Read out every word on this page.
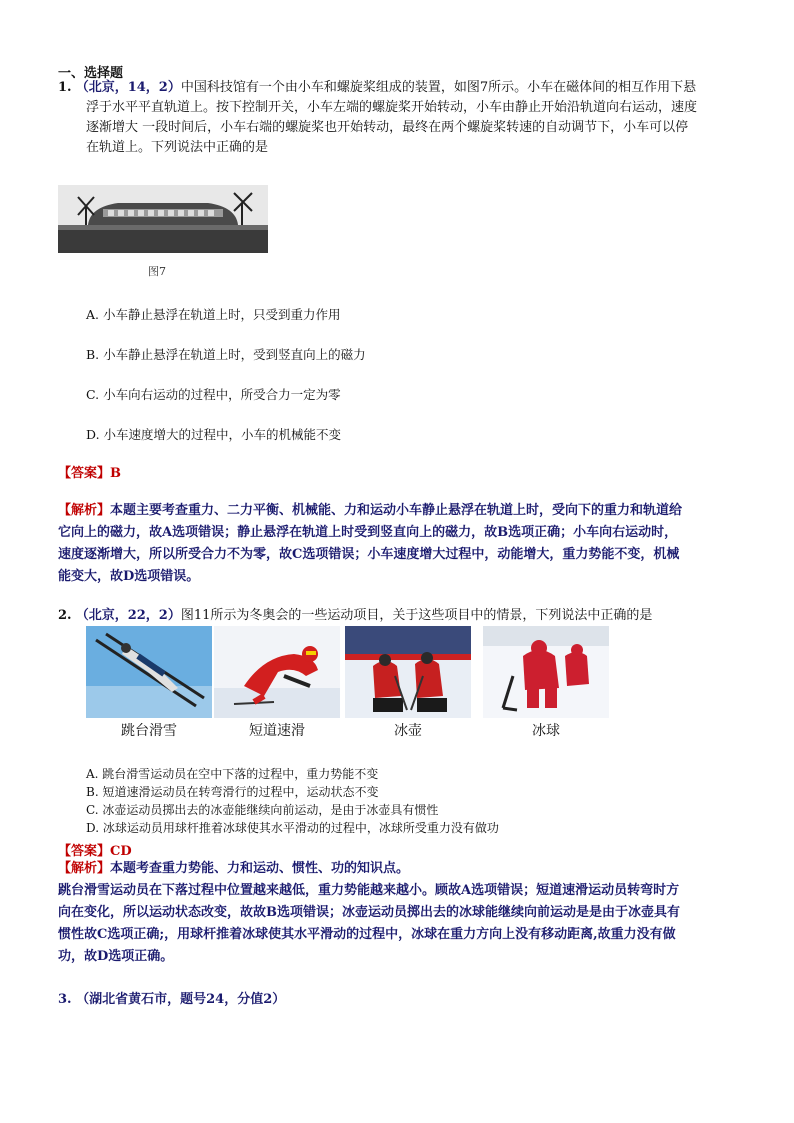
一、选择题
1. （北京，14，2）中国科技馆有一个由小车和螺旋桨组成的装置，如图7所示。小车在磁体间的相互作用下悬
浮于水平平直轨道上。按下控制开关，小车左端的螺旋桨开始转动，小车由静止开始沿轨道向右运动，速度
逐渐增大 一段时间后，小车右端的螺旋桨也开始转动，最终在两个螺旋桨转速的自动调节下，小车可以停
在轨道上。下列说法中正确的是
图7
A. 小车静止悬浮在轨道上时，只受到重力作用
B. 小车静止悬浮在轨道上时，受到竖直向上的磁力
C. 小车向右运动的过程中，所受合力一定为零
D. 小车速度增大的过程中，小车的机械能不变
【答案】B
【解析】本题主要考查重力、二力平衡、机械能、力和运动小车静止悬浮在轨道上时，受向下的重力和轨道给
它向上的磁力，故A选项错误；静止悬浮在轨道上时受到竖直向上的磁力，故B选项正确；小车向右运动时，
速度逐渐增大，所以所受合力不为零，故C选项错误；小车速度增大过程中，动能增大，重力势能不变，机械
能变大，故D选项错误。
2. （北京，22，2）图11所示为冬奥会的一些运动项目，关于这些项目中的情景，下列说法中正确的是
跳台滑雪	短道速滑	冰壶	冰球
A. 跳台滑雪运动员在空中下落的过程中，重力势能不变
B. 短道速滑运动员在转弯滑行的过程中，运动状态不变
C. 冰壶运动员掷出去的冰壶能继续向前运动，是由于冰壶具有惯性
D. 冰球运动员用球杆推着冰球使其水平滑动的过程中，冰球所受重力没有做功
【答案】CD
【解析】本题考查重力势能、力和运动、惯性、功的知识点。
跳台滑雪运动员在下落过程中位置越来越低，重力势能越来越小。顾故A选项错误；短道速滑运动员转弯时方
向在变化，所以运动状态改变，故故B选项错误；冰壶运动员掷出去的冰球能继续向前运动是是由于冰壶具有
惯性故C选项正确;，用球杆推着冰球使其水平滑动的过程中，冰球在重力方向上没有移动距离,故重力没有做
功，故D选项正确。
3. （湖北省黄石市，题号24，分值2）
